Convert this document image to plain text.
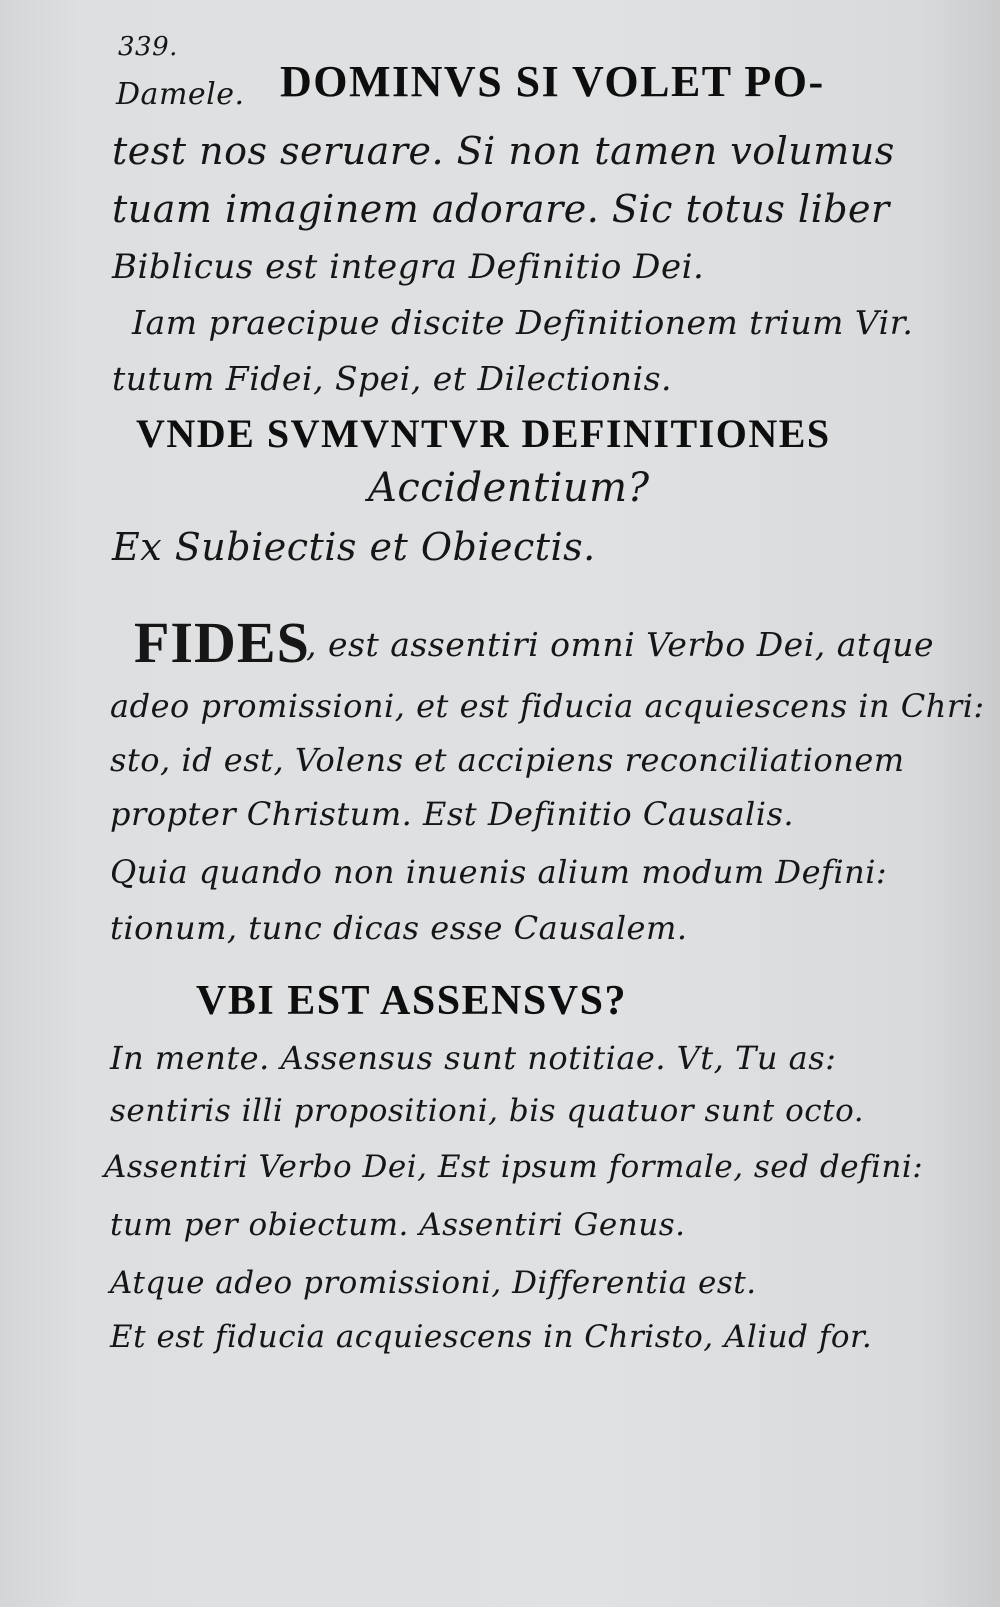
339.
Damele. DOMINVS SI VOLET PO-
test nos seruare. Si non tamen volumus
tuam imaginem adorare. Sic totus liber
Biblicus est integra Definitio Dei.
Iam praecipue discite Definitionem trium Vir.
tutum Fidei, Spei, et Dilectionis.
VNDE SVMVNTVR DEFINITIONES
Accidentium?
Ex Subiectis et Obiectis.
FIDES
, est assentiri omni Verbo Dei, atque
adeo promissioni, et est fiducia acquiescens in Chri:
sto, id est, Volens et accipiens reconciliationem
propter Christum. Est Definitio Causalis.
Quia quando non inuenis alium modum Defini:
tionum, tunc dicas esse Causalem.
VBI EST ASSENSVS?
In mente. Assensus sunt notitiae. Vt, Tu as:
sentiris illi propositioni, bis quatuor sunt octo.
Assentiri Verbo Dei, Est ipsum formale, sed defini:
tum per obiectum. Assentiri Genus.
Atque adeo promissioni, Differentia est.
Et est fiducia acquiescens in Christo, Aliud for.
